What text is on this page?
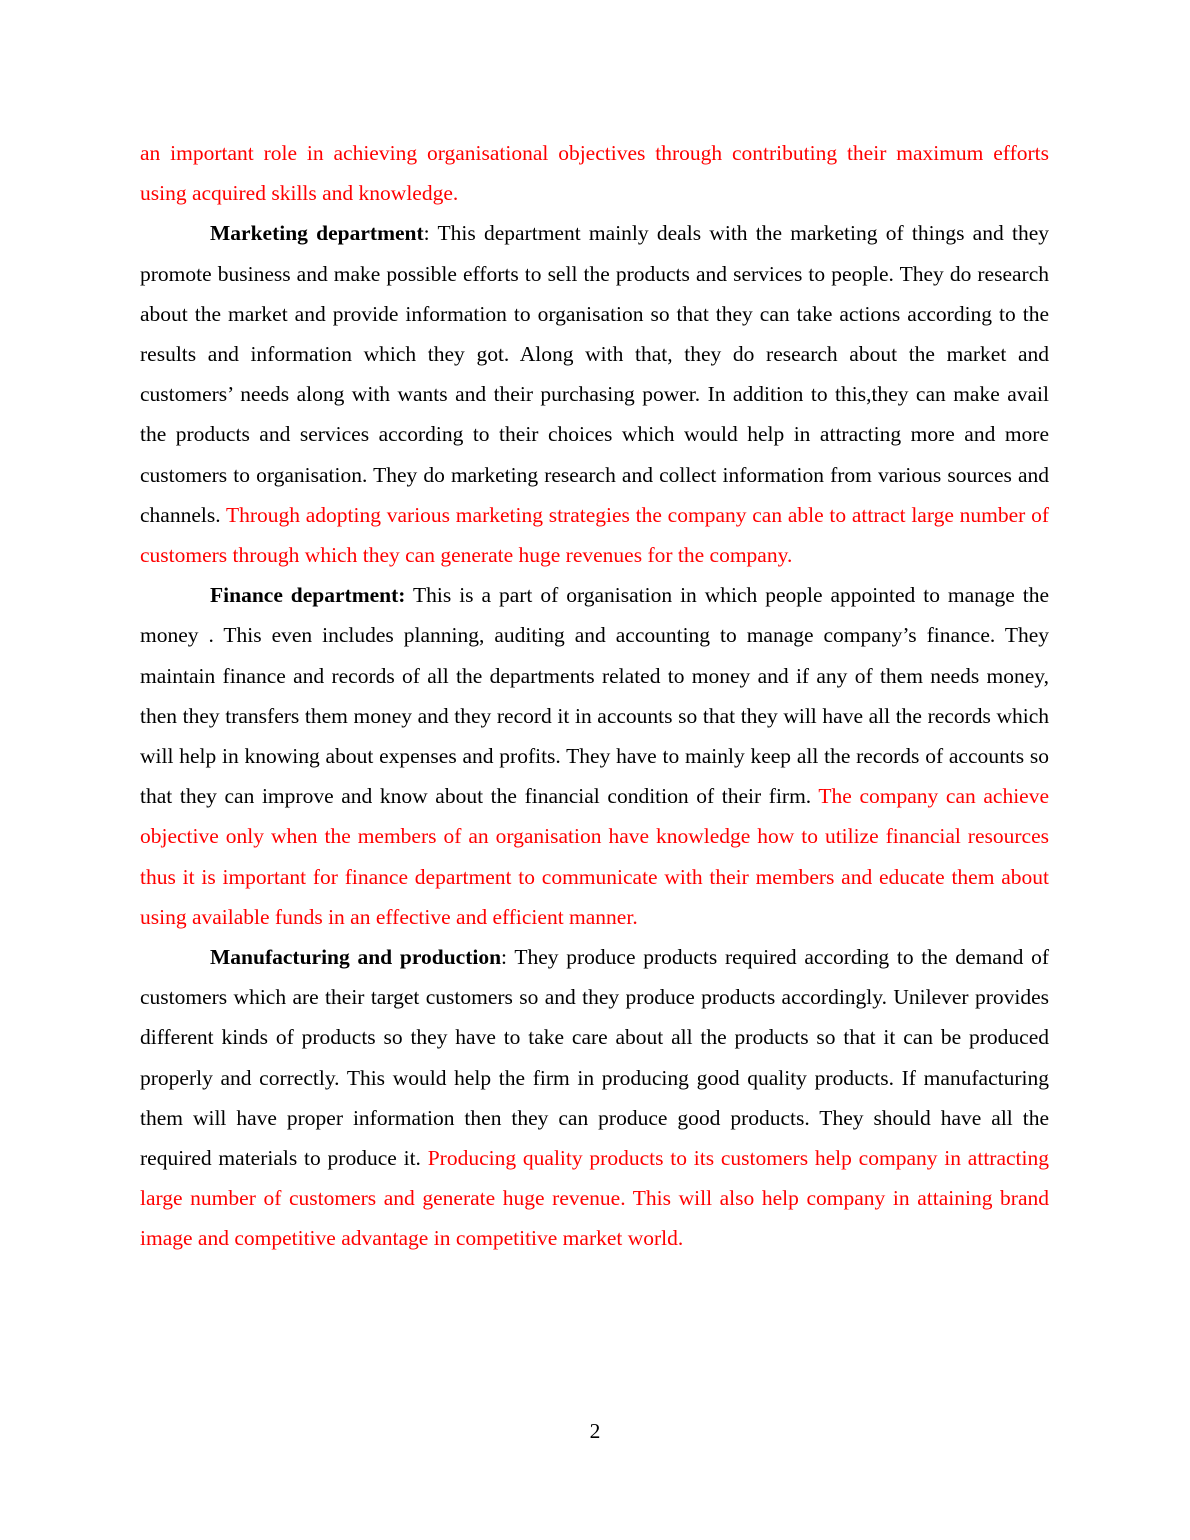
an important role in achieving organisational objectives through contributing their maximum efforts using acquired skills and knowledge.

Marketing department: This department mainly deals with the marketing of things and they promote business and make possible efforts to sell the products and services to people. They do research about the market and provide information to organisation so that they can take actions according to the results and information which they got. Along with that, they do research about the market and customers’ needs along with wants and their purchasing power. In addition to this,they can make avail the products and services according to their choices which would help in attracting more and more customers to organisation. They do marketing research and collect information from various sources and channels. Through adopting various marketing strategies the company can able to attract large number of customers through which they can generate huge revenues for the company.

Finance department: This is a part of organisation in which people appointed to manage the money . This even includes planning, auditing and accounting to manage company’s finance. They maintain finance and records of all the departments related to money and if any of them needs money, then they transfers them money and they record it in accounts so that they will have all the records which will help in knowing about expenses and profits. They have to mainly keep all the records of accounts so that they can improve and know about the financial condition of their firm. The company can achieve objective only when the members of an organisation have knowledge how to utilize financial resources thus it is important for finance department to communicate with their members and educate them about using available funds in an effective and efficient manner.

Manufacturing and production: They produce products required according to the demand of customers which are their target customers so and they produce products accordingly. Unilever provides different kinds of products so they have to take care about all the products so that it can be produced properly and correctly. This would help the firm in producing good quality products. If manufacturing them will have proper information then they can produce good products. They should have all the required materials to produce it. Producing quality products to its customers help company in attracting large number of customers and generate huge revenue. This will also help company in attaining brand image and competitive advantage in competitive market world.

2
